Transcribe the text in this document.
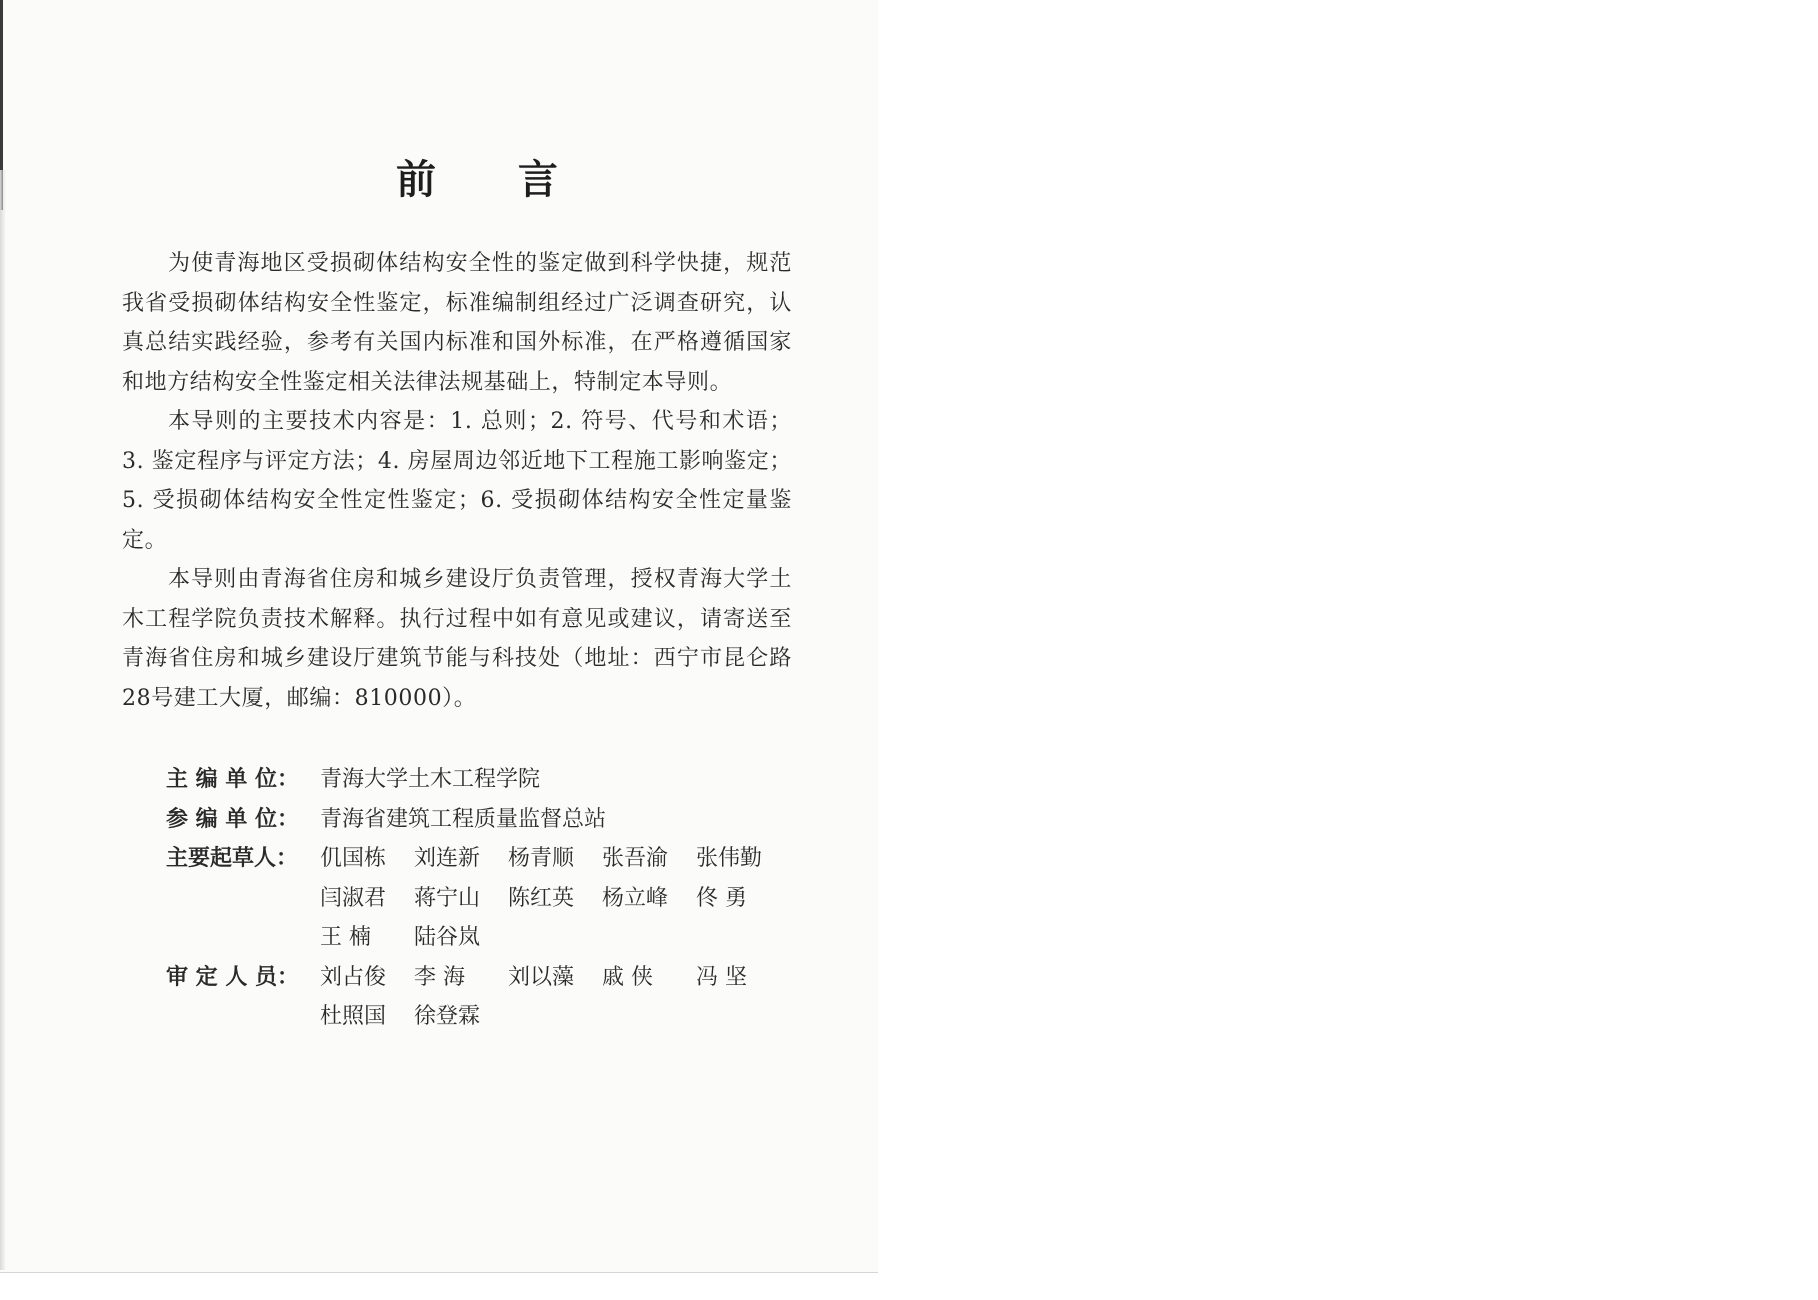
前 言

为使青海地区受损砌体结构安全性的鉴定做到科学快捷，规范我省受损砌体结构安全性鉴定，标准编制组经过广泛调查研究，认真总结实践经验，参考有关国内标准和国外标准，在严格遵循国家和地方结构安全性鉴定相关法律法规基础上，特制定本导则。

本导则的主要技术内容是：1. 总则；2. 符号、代号和术语；3. 鉴定程序与评定方法；4. 房屋周边邻近地下工程施工影响鉴定；5. 受损砌体结构安全性定性鉴定；6. 受损砌体结构安全性定量鉴定。

本导则由青海省住房和城乡建设厅负责管理，授权青海大学土木工程学院负责技术解释。执行过程中如有意见或建议，请寄送至青海省住房和城乡建设厅建筑节能与科技处（地址：西宁市昆仑路28号建工大厦，邮编：810000）。

主 编 单 位： 青海大学土木工程学院
参 编 单 位： 青海省建筑工程质量监督总站
主要起草人： 仉国栋	刘连新	杨青顺	张吾渝	张伟勤
闫淑君	蒋宁山	陈红英	杨立峰	佟 勇
王 楠	陆谷岚
审 定 人 员： 刘占俊	李 海	刘以藻	戚 侠	冯 坚
杜照国	徐登霖
